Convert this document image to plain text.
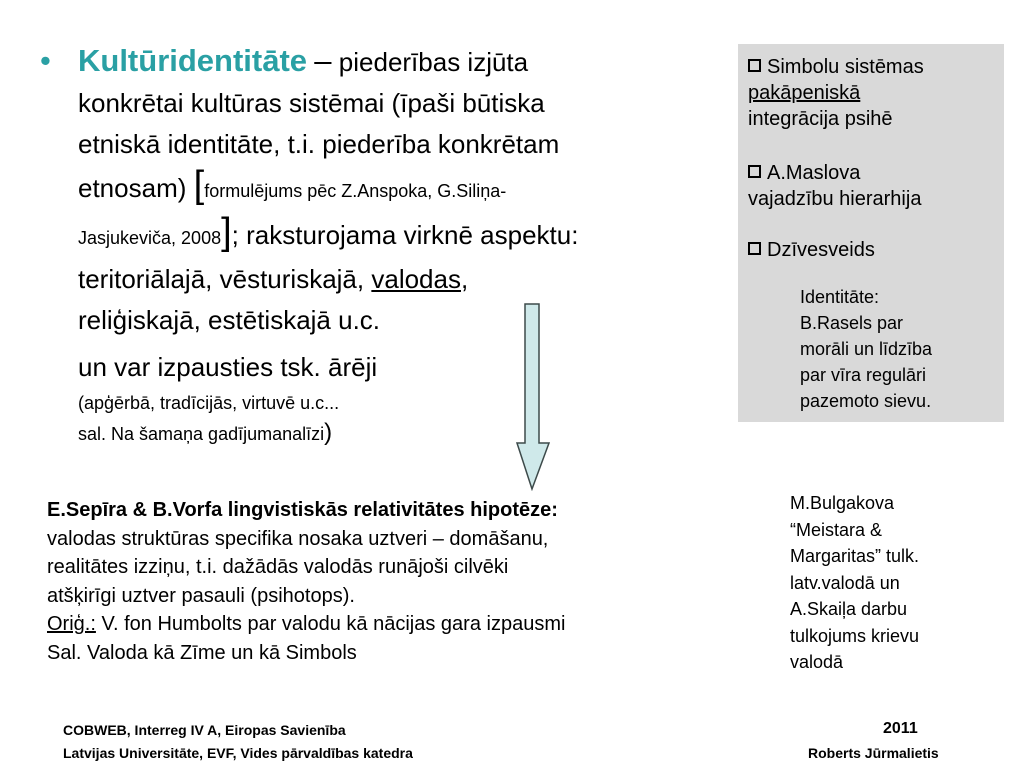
• Kultūridentitāte – piederības izjūta
konkrētai kultūras sistēmai (īpaši būtiska
etniskā identitāte, t.i. piederība konkrētam
etnosam) [formulējums pēc Z.Anspoka, G.Siliņa-
Jasjukeviča, 2008]; raksturojama virknē aspektu:
teritoriālajā, vēsturiskajā, valodas,
reliģiskajā, estētiskajā u.c.
un var izpausties tsk. ārēji
(apģērbā, tradīcijās, virtuvē u.c...
sal. Na šamaņa gadījumanalīzi)
Simbolu sistēmas
pakāpeniskā
integrācija psihē
A.Maslova
vajadzību hierarhija
Dzīvesveids
Identitāte:
B.Rasels par
morāli un līdzība
par vīra regulāri
pazemoto sievu.
E.Sepīra & B.Vorfa lingvistiskās relativitātes hipotēze:
valodas struktūras specifika nosaka uztveri – domāšanu,
realitātes izziņu, t.i. dažādās valodās runājoši cilvēki
atšķirīgi uztver pasauli (psihotops).
Oriģ.: V. fon Humbolts par valodu kā nācijas gara izpausmi
Sal. Valoda kā Zīme un kā Simbols
M.Bulgakova
“Meistara &
Margaritas” tulk.
latv.valodā un
A.Skaiļa darbu
tulkojums krievu
valodā
COBWEB, Interreg IV A, Eiropas Savienība
Latvijas Universitāte, EVF, Vides pārvaldības katedra
2011
Roberts Jūrmalietis
